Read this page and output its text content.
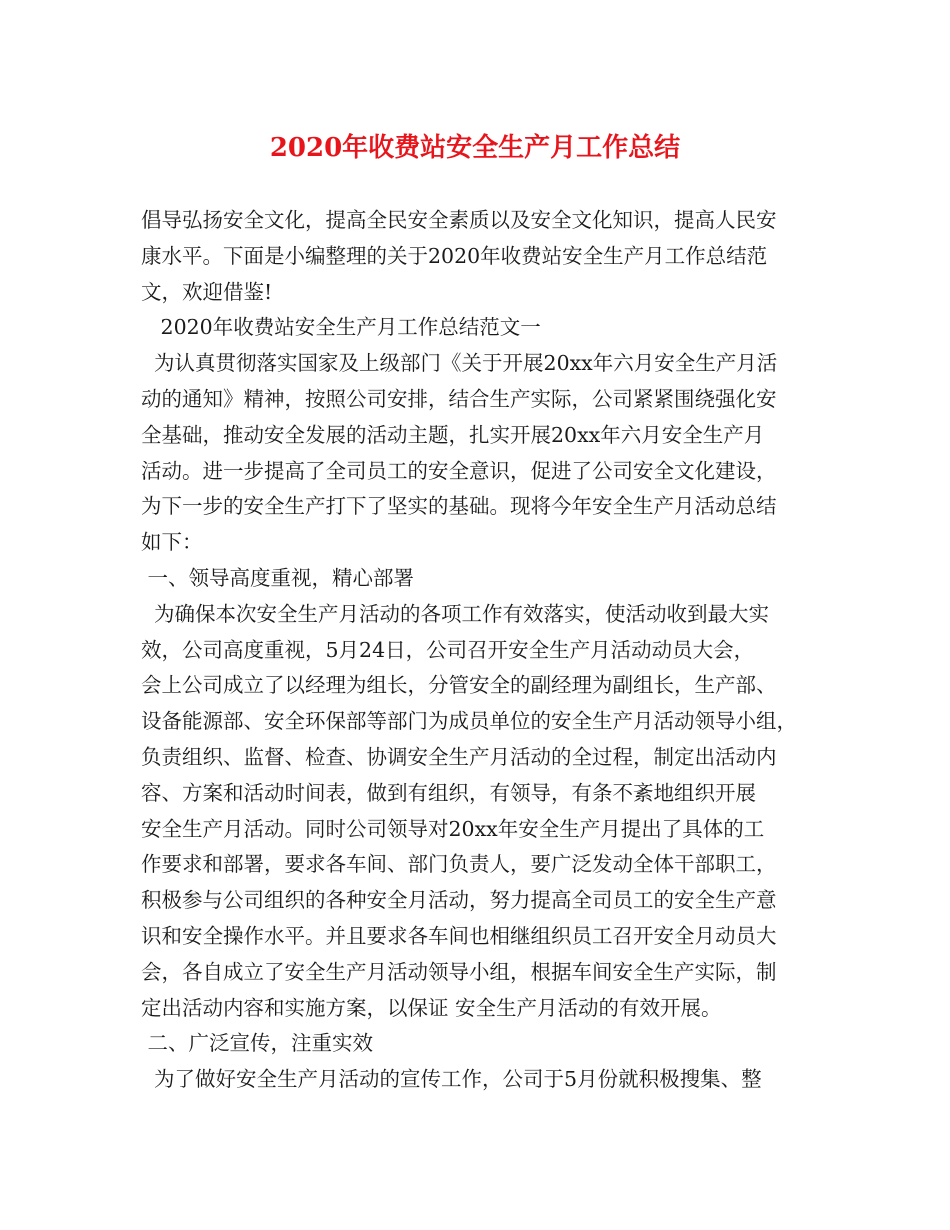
2020年收费站安全生产月工作总结
倡导弘扬安全文化，提高全民安全素质以及安全文化知识，提高人民安
康水平。下面是小编整理的关于2020年收费站安全生产月工作总结范
文，欢迎借鉴!
2020年收费站安全生产月工作总结范文一
为认真贯彻落实国家及上级部门《关于开展20xx年六月安全生产月活
动的通知》精神，按照公司安排，结合生产实际，公司紧紧围绕强化安
全基础，推动安全发展的活动主题，扎实开展20xx年六月安全生产月
活动。进一步提高了全司员工的安全意识，促进了公司安全文化建设，
为下一步的安全生产打下了坚实的基础。现将今年安全生产月活动总结
如下：
一、领导高度重视，精心部署
为确保本次安全生产月活动的各项工作有效落实，使活动收到最大实
效，公司高度重视，5月24日，公司召开安全生产月活动动员大会，
会上公司成立了以经理为组长，分管安全的副经理为副组长，生产部、
设备能源部、安全环保部等部门为成员单位的安全生产月活动领导小组，
负责组织、监督、检查、协调安全生产月活动的全过程，制定出活动内
容、方案和活动时间表，做到有组织，有领导，有条不紊地组织开展
安全生产月活动。同时公司领导对20xx年安全生产月提出了具体的工
作要求和部署，要求各车间、部门负责人，要广泛发动全体干部职工，
积极参与公司组织的各种安全月活动，努力提高全司员工的安全生产意
识和安全操作水平。并且要求各车间也相继组织员工召开安全月动员大
会，各自成立了安全生产月活动领导小组，根据车间安全生产实际，制
定出活动内容和实施方案，以保证 安全生产月活动的有效开展。
二、广泛宣传，注重实效
为了做好安全生产月活动的宣传工作，公司于5月份就积极搜集、整
